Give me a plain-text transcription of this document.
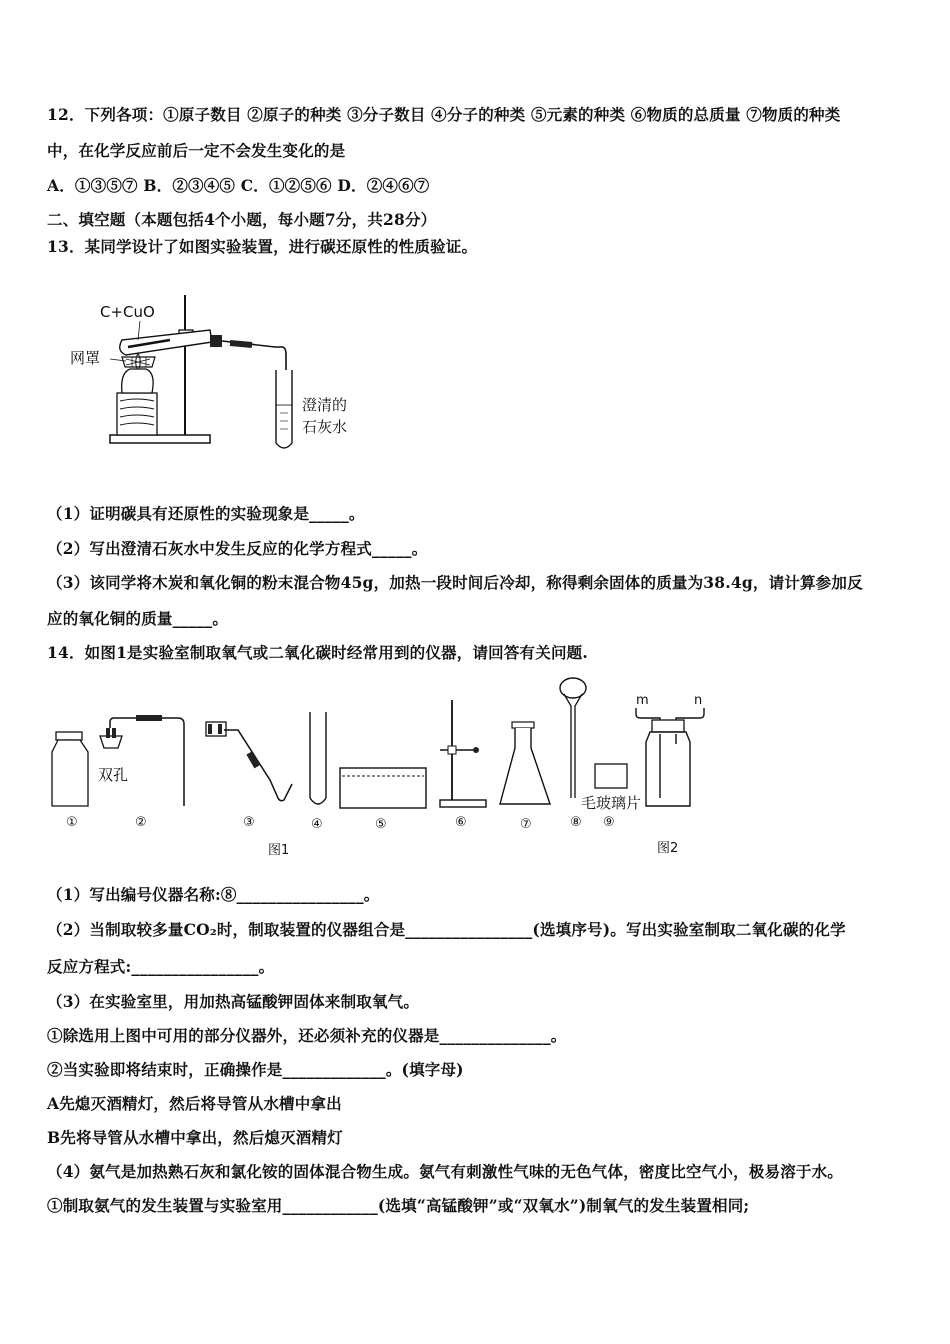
12．下列各项：①原子数目 ②原子的种类 ③分子数目 ④分子的种类 ⑤元素的种类 ⑥物质的总质量 ⑦物质的种类
中，在化学反应前后一定不会发生变化的是
A．①③⑤⑦ B．②③④⑤ C．①②⑤⑥ D．②④⑥⑦
二、填空题（本题包括4个小题，每小题7分，共28分）
13．某同学设计了如图实验装置，进行碳还原性的性质验证。
C+CuO
网罩
澄清的
石灰水
（1）证明碳具有还原性的实验现象是_____。
（2）写出澄清石灰水中发生反应的化学方程式_____。
（3）该同学将木炭和氧化铜的粉末混合物45g，加热一段时间后冷却，称得剩余固体的质量为38.4g，请计算参加反
应的氧化铜的质量_____。
14．如图1是实验室制取氧气或二氧化碳时经常用到的仪器，请回答有关问题.
双孔
毛玻璃片
m	n
①	②	③	④	⑤	⑥	⑦	⑧ ⑨
图1	图2
（1）写出编号仪器名称:⑧________________。
（2）当制取较多量CO₂时，制取装置的仪器组合是________________(选填序号)。写出实验室制取二氧化碳的化学
反应方程式:________________。
（3）在实验室里，用加热高锰酸钾固体来制取氧气。
①除选用上图中可用的部分仪器外，还必须补充的仪器是______________。
②当实验即将结束时，正确操作是_____________。(填字母)
A先熄灭酒精灯，然后将导管从水槽中拿出
B先将导管从水槽中拿出，然后熄灭酒精灯
（4）氨气是加热熟石灰和氯化铵的固体混合物生成。氨气有刺激性气味的无色气体，密度比空气小，极易溶于水。
①制取氨气的发生装置与实验室用____________(选填“高锰酸钾”或“双氧水”)制氧气的发生装置相同;
